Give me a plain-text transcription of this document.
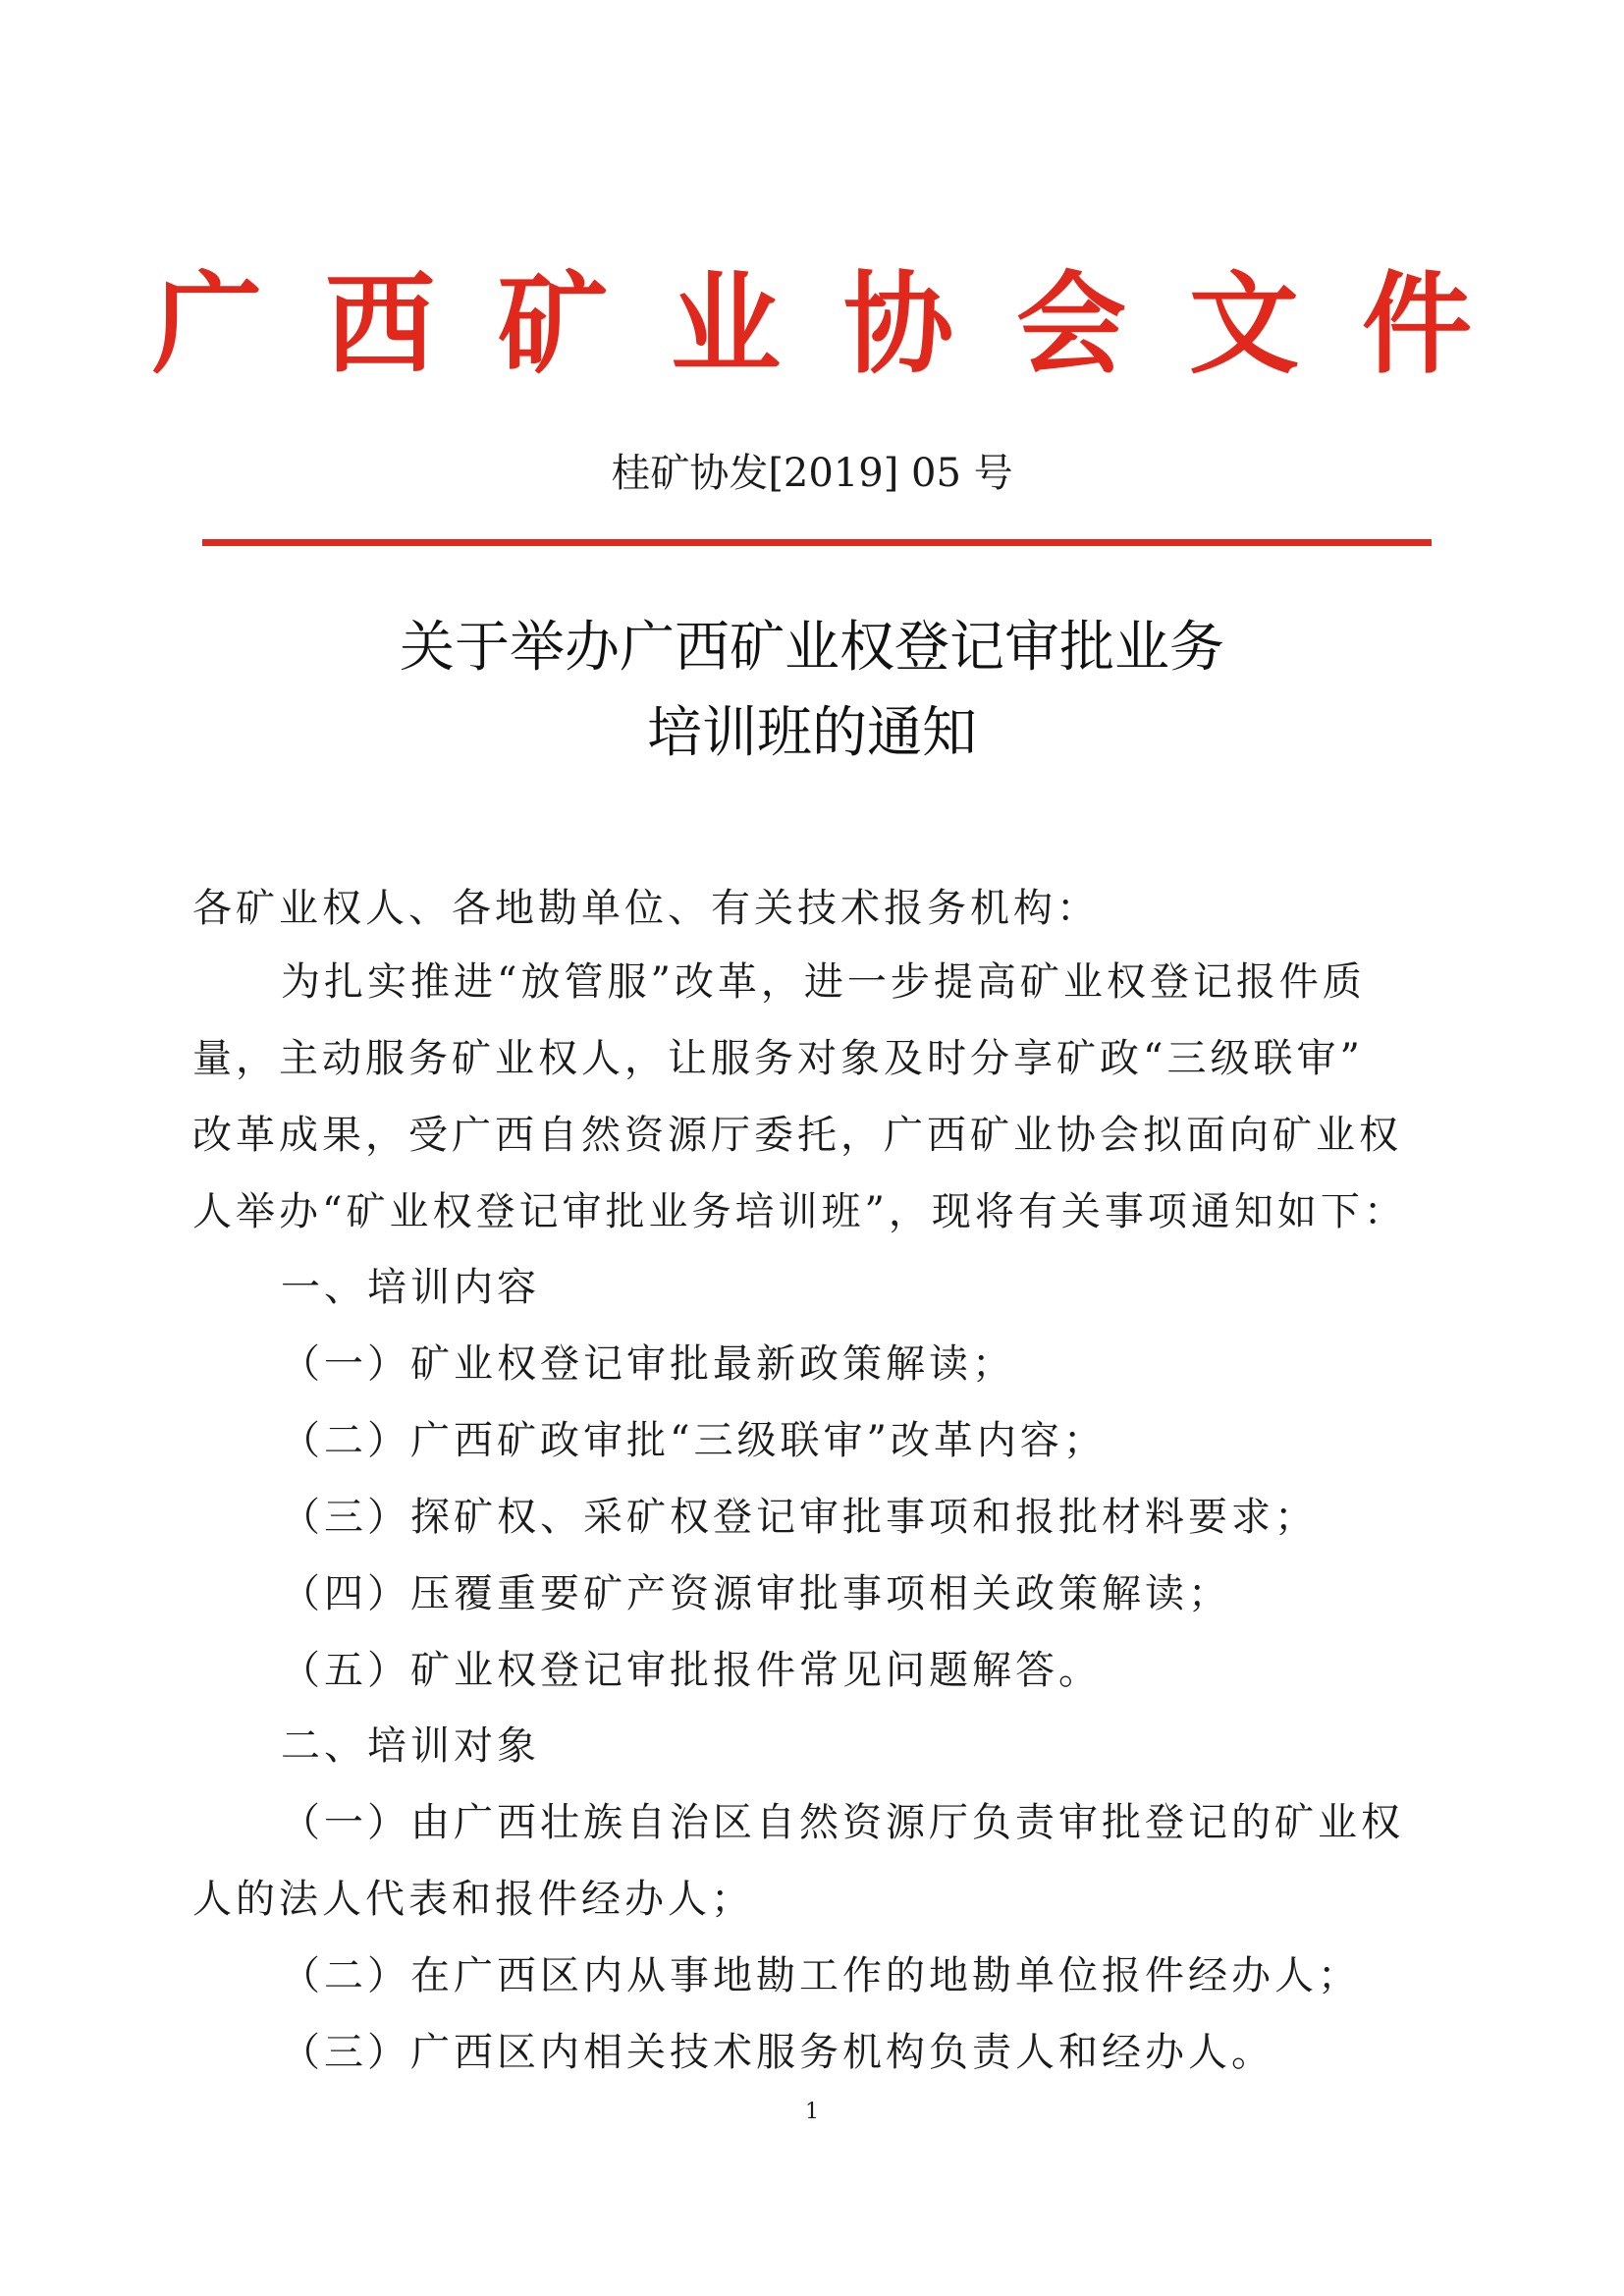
广西矿业协会文件
桂矿协发[2019] 05 号
关于举办广西矿业权登记审批业务
培训班的通知
各矿业权人、各地勘单位、有关技术报务机构：
为扎实推进“放管服”改革，进一步提高矿业权登记报件质
量，主动服务矿业权人，让服务对象及时分享矿政“三级联审”
改革成果，受广西自然资源厅委托，广西矿业协会拟面向矿业权
人举办“矿业权登记审批业务培训班”，现将有关事项通知如下：
一、培训内容
（一）矿业权登记审批最新政策解读；
（二）广西矿政审批“三级联审”改革内容；
（三）探矿权、采矿权登记审批事项和报批材料要求；
（四）压覆重要矿产资源审批事项相关政策解读；
（五）矿业权登记审批报件常见问题解答。
二、培训对象
（一）由广西壮族自治区自然资源厅负责审批登记的矿业权
人的法人代表和报件经办人；
（二）在广西区内从事地勘工作的地勘单位报件经办人；
（三）广西区内相关技术服务机构负责人和经办人。
1
